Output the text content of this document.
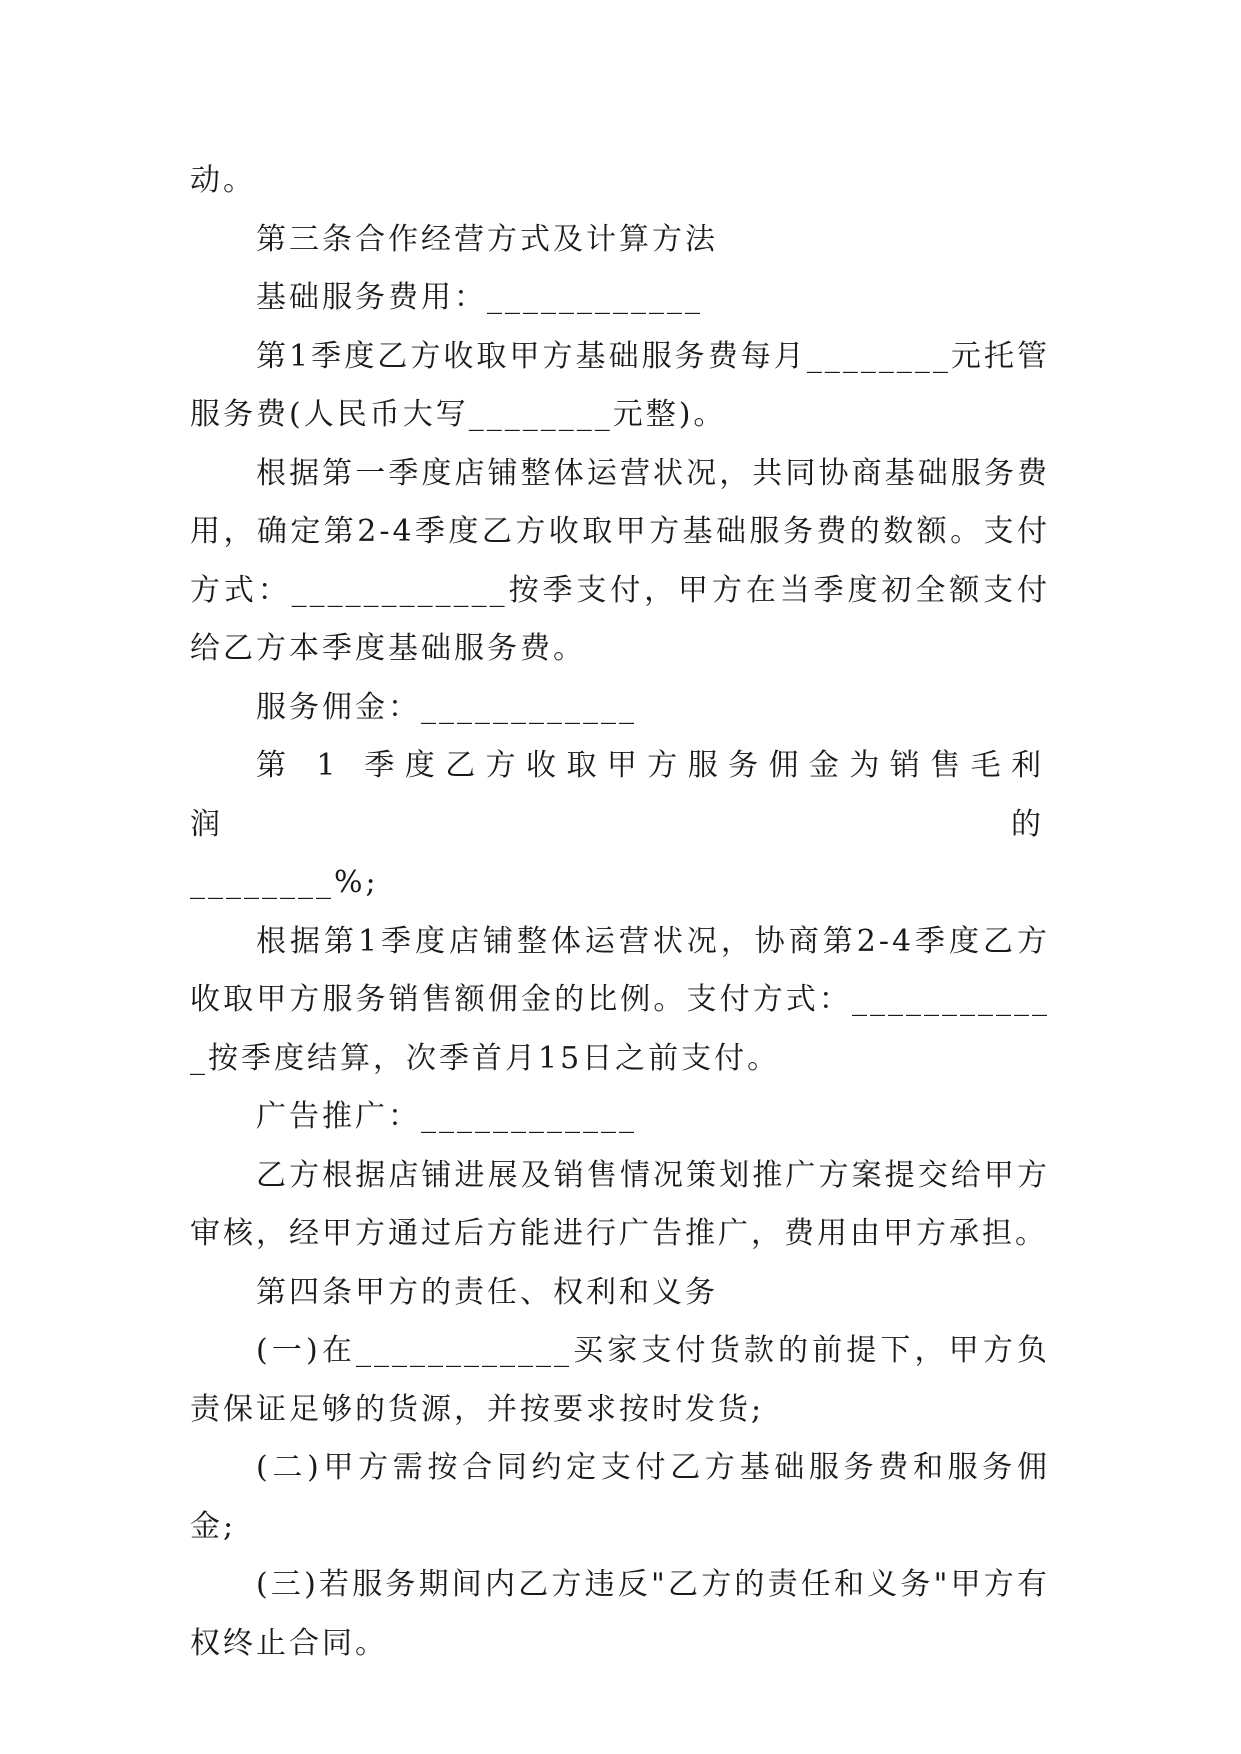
动。

第三条合作经营方式及计算方法

基础服务费用：____________

第1季度乙方收取甲方基础服务费每月________元托管服务费(人民币大写________元整)。

根据第一季度店铺整体运营状况，共同协商基础服务费用，确定第2-4季度乙方收取甲方基础服务费的数额。支付方式：____________按季支付，甲方在当季度初全额支付给乙方本季度基础服务费。

服务佣金：____________

第 1 季度乙方收取甲方服务佣金为销售毛利润的

________%;

根据第1季度店铺整体运营状况，协商第2-4季度乙方收取甲方服务销售额佣金的比例。支付方式：____________按季度结算，次季首月15日之前支付。

广告推广：____________

乙方根据店铺进展及销售情况策划推广方案提交给甲方审核，经甲方通过后方能进行广告推广，费用由甲方承担。

第四条甲方的责任、权利和义务

(一)在____________买家支付货款的前提下，甲方负责保证足够的货源，并按要求按时发货;

(二)甲方需按合同约定支付乙方基础服务费和服务佣金;

(三)若服务期间内乙方违反"乙方的责任和义务"甲方有权终止合同。
